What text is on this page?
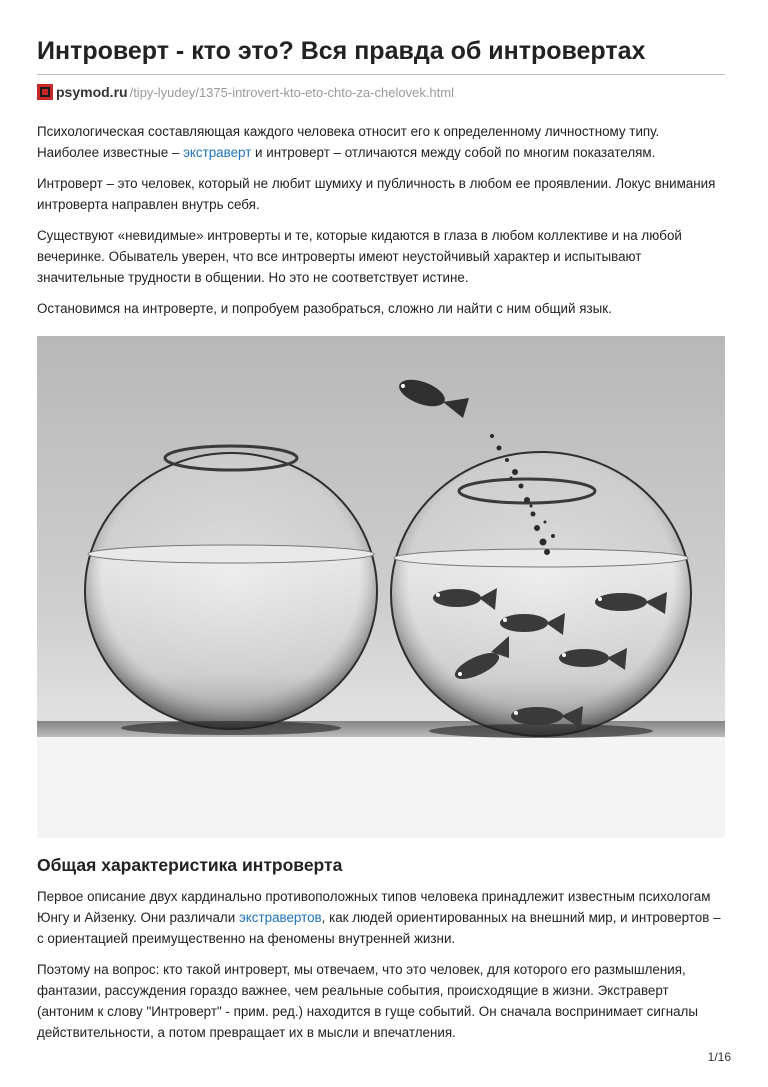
Интроверт - кто это? Вся правда об интровертах
psymod.ru /tipy-lyudey/1375-introvert-kto-eto-chto-za-chelovek.html

Психологическая составляющая каждого человека относит его к определенному личностному типу. Наиболее известные – экстраверт и интроверт – отличаются между собой по многим показателям.

Интроверт – это человек, который не любит шумиху и публичность в любом ее проявлении. Локус внимания интроверта направлен внутрь себя.

Существуют «невидимые» интроверты и те, которые кидаются в глаза в любом коллективе и на любой вечеринке. Обыватель уверен, что все интроверты имеют неустойчивый характер и испытывают значительные трудности в общении. Но это не соответствует истине.

Остановимся на интроверте, и попробуем разобраться, сложно ли найти с ним общий язык.

Общая характеристика интроверта

Первое описание двух кардинально противоположных типов человека принадлежит известным психологам Юнгу и Айзенку. Они различали экстравертов, как людей ориентированных на внешний мир, и интровертов – с ориентацией преимущественно на феномены внутренней жизни.

Поэтому на вопрос: кто такой интроверт, мы отвечаем, что это человек, для которого его размышления, фантазии, рассуждения гораздо важнее, чем реальные события, происходящие в жизни. Экстраверт (антоним к слову "Интроверт" - прим. ред.) находится в гуще событий. Он сначала воспринимает сигналы действительности, а потом превращает их в мысли и впечатления.

1/16
